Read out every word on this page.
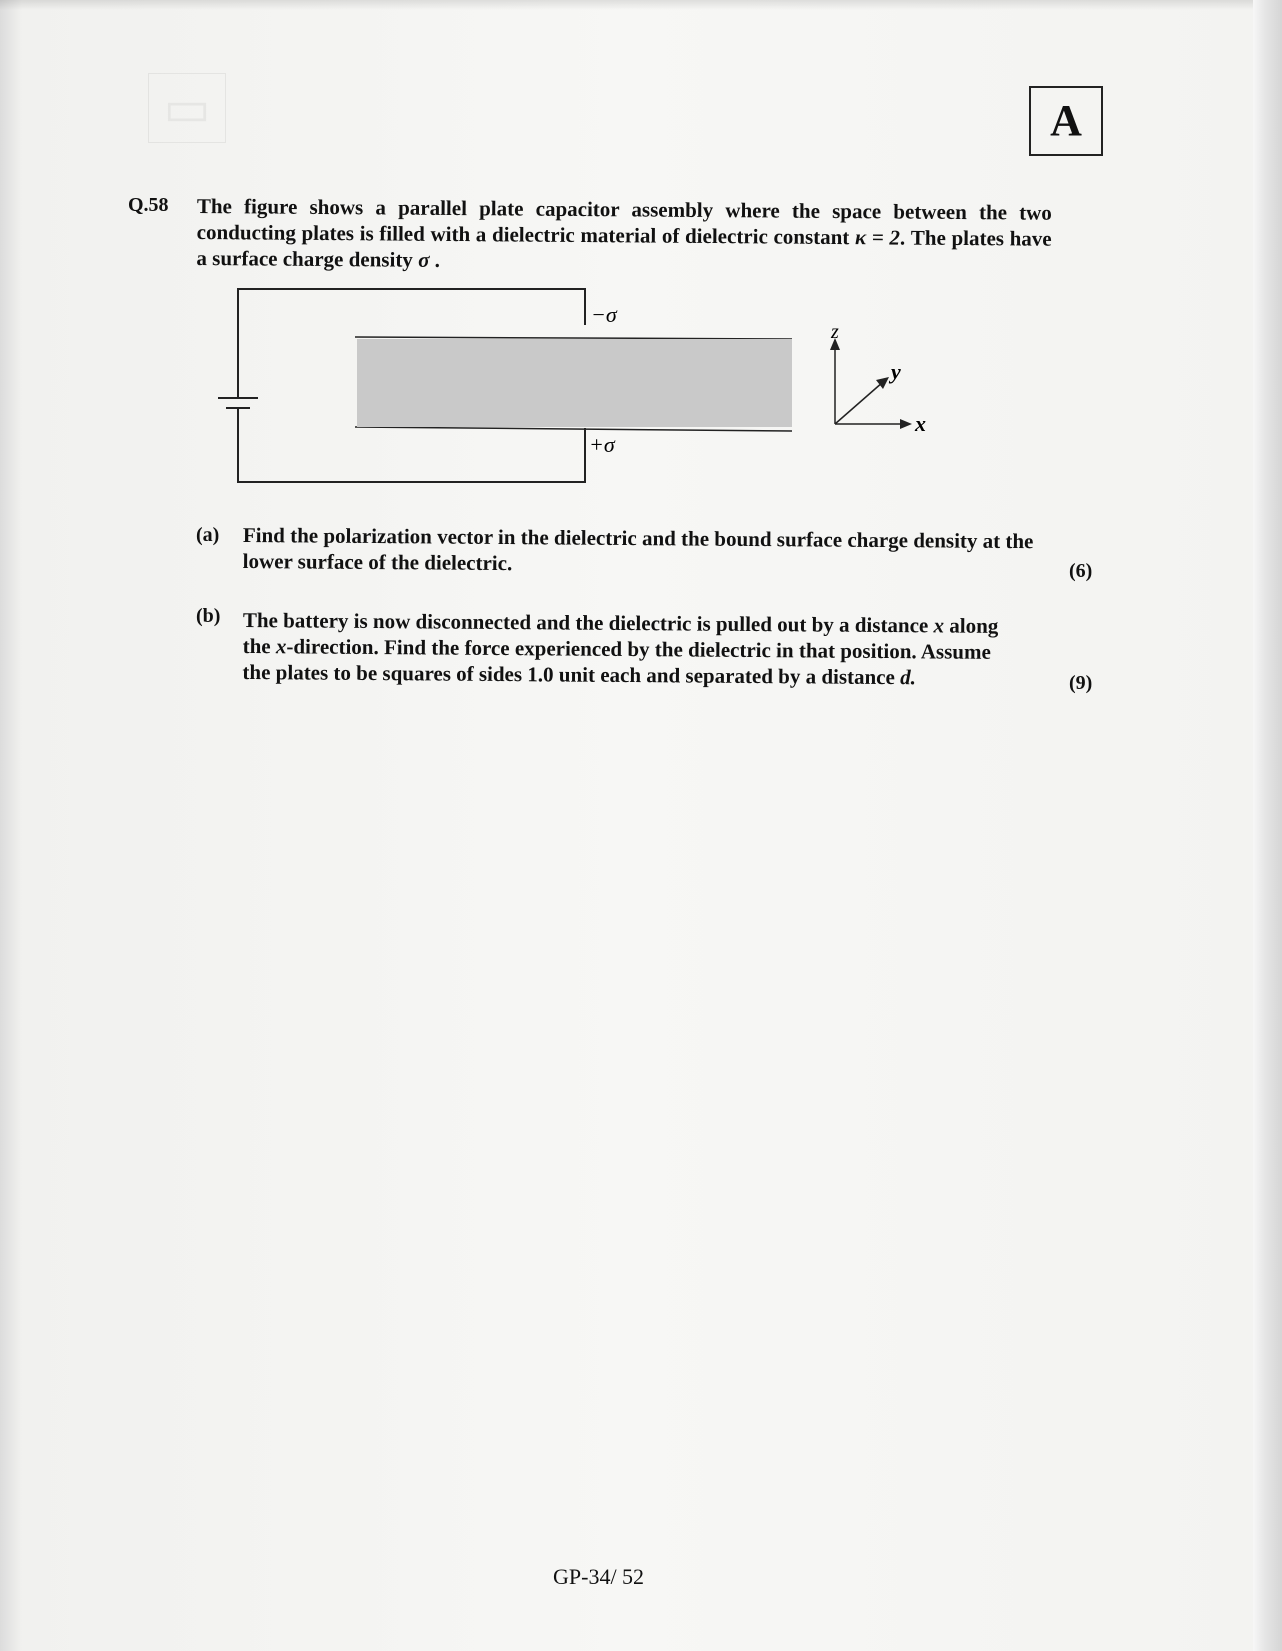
▭	A
Q.58 The figure shows a parallel plate capacitor assembly where the space between the two conducting plates is filled with a dielectric material of dielectric constant κ = 2. The plates have a surface charge density σ .
−σ
+σ
z
y
x
(a) Find the polarization vector in the dielectric and the bound surface charge density at the lower surface of the dielectric.	(6)
(b) The battery is now disconnected and the dielectric is pulled out by a distance x along
the x-direction. Find the force experienced by the dielectric in that position. Assume
the plates to be squares of sides 1.0 unit each and separated by a distance d.	(9)
GP-34/ 52
